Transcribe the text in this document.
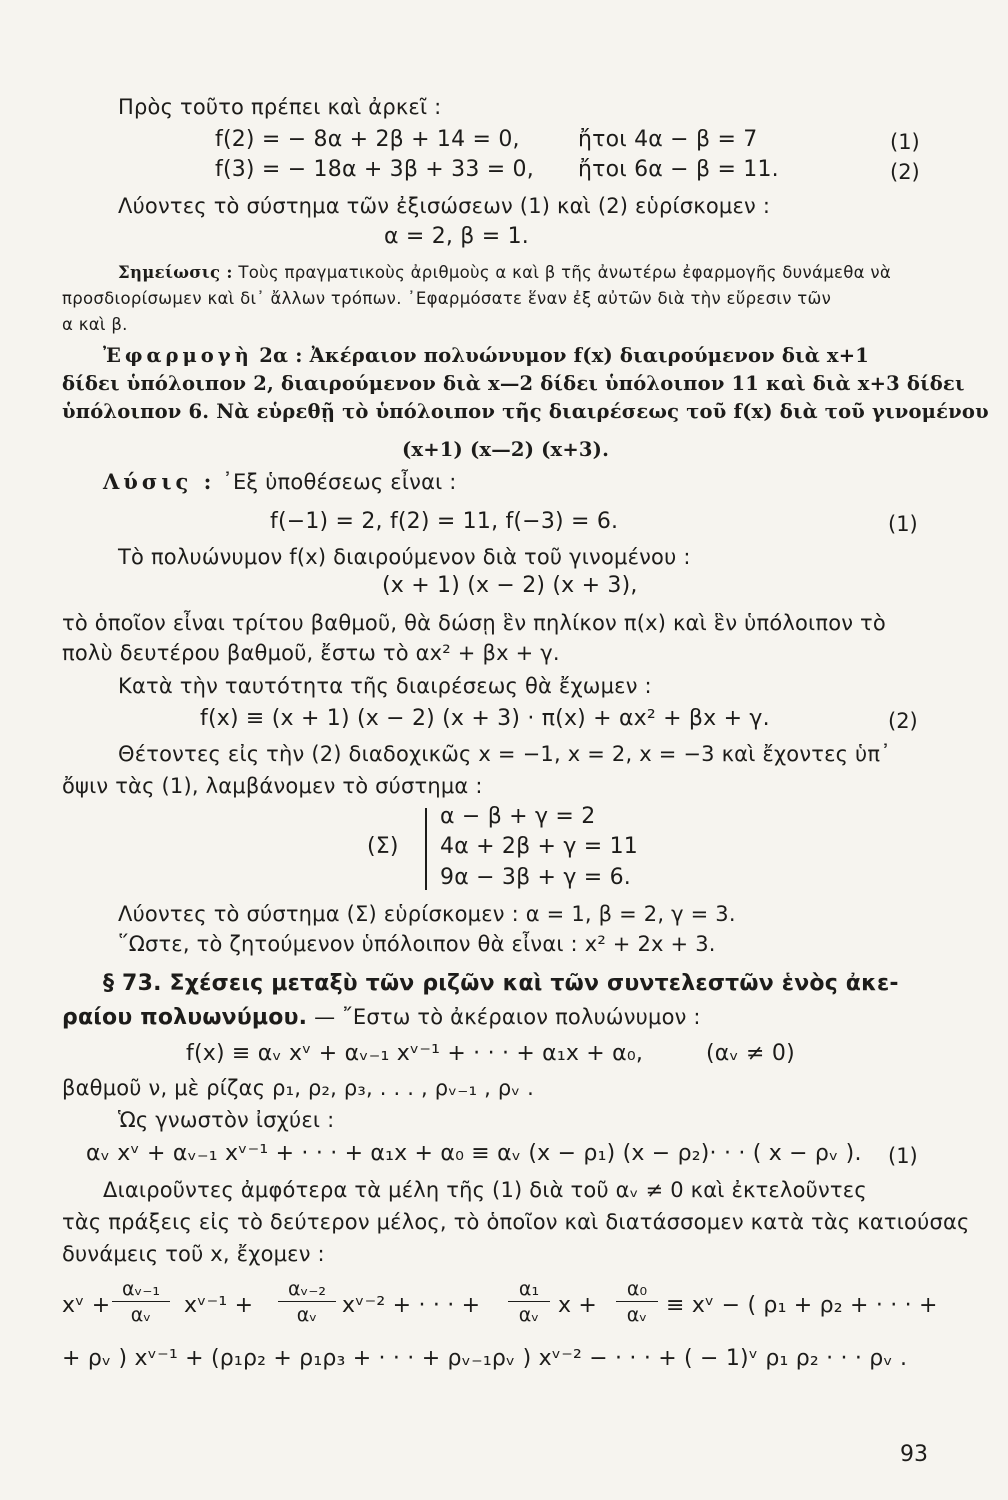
Πρὸς τοῦτο πρέπει καὶ ἀρκεῖ :
f(2) = − 8α + 2β + 14 = 0,	ἤτοι 4α − β = 7	(1)
f(3) = − 18α + 3β + 33 = 0, ἤτοι 6α − β = 11.	(2)
Λύοντες τὸ σύστημα τῶν ἐξισώσεων (1) καὶ (2) εὑρίσκομεν :
α = 2, β = 1.
Σημείωσις : Τοὺς πραγματικοὺς ἀριθμοὺς α καὶ β τῆς ἀνωτέρω ἐφαρμογῆς δυνάμεθα νὰ
προσδιορίσωμεν καὶ δι᾽ ἄλλων τρόπων. ᾽Εφαρμόσατε ἕναν ἐξ αὐτῶν διὰ τὴν εὕρεσιν τῶν
α καὶ β.
Ἐφαρμογὴ 2α : Ἀκέραιον πολυώνυμον f(x) διαιρούμενον διὰ x+1
δίδει ὑπόλοιπον 2, διαιρούμενον διὰ x—2 δίδει ὑπόλοιπον 11 καὶ διὰ x+3 δίδει
ὑπόλοιπον 6. Νὰ εὑρεθῇ τὸ ὑπόλοιπον τῆς διαιρέσεως τοῦ f(x) διὰ τοῦ γινομένου
(x+1) (x—2) (x+3).
Λύσις : ᾽Εξ ὑποθέσεως εἶναι :
f(−1) = 2, f(2) = 11, f(−3) = 6.	(1)
Τὸ πολυώνυμον f(x) διαιρούμενον διὰ τοῦ γινομένου :
(x + 1) (x − 2) (x + 3),
τὸ ὁποῖον εἶναι τρίτου βαθμοῦ, θὰ δώσῃ ἓν πηλίκον π(x) καὶ ἓν ὑπόλοιπον τὸ
πολὺ δευτέρου βαθμοῦ, ἔστω τὸ αx² + βx + γ.
Κατὰ τὴν ταυτότητα τῆς διαιρέσεως θὰ ἔχωμεν :
f(x) ≡ (x + 1) (x − 2) (x + 3) · π(x) + αx² + βx + γ.	(2)
Θέτοντες εἰς τὴν (2) διαδοχικῶς x = −1, x = 2, x = −3 καὶ ἔχοντες ὑπ᾽
ὄψιν τὰς (1), λαμβάνομεν τὸ σύστημα :
(Σ)
α − β + γ = 2
4α + 2β + γ = 11
9α − 3β + γ = 6.
Λύοντες τὸ σύστημα (Σ) εὑρίσκομεν : α = 1, β = 2, γ = 3.
῞Ωστε, τὸ ζητούμενον ὑπόλοιπον θὰ εἶναι : x² + 2x + 3.
§ 73. Σχέσεις μεταξὺ τῶν ριζῶν καὶ τῶν συντελεστῶν ἑνὸς ἀκε-
ραίου πολυωνύμου. — ῎Εστω τὸ ἀκέραιον πολυώνυμον :
f(x) ≡ αᵥ xᵛ + αᵥ₋₁ xᵛ⁻¹ + · · · + α₁x + α₀,	(αᵥ ≠ 0)
βαθμοῦ ν, μὲ ρίζας ρ₁, ρ₂, ρ₃, . . . , ρᵥ₋₁ , ρᵥ .
Ὡς γνωστὸν ἰσχύει :
αᵥ xᵛ + αᵥ₋₁ xᵛ⁻¹ + · · · + α₁x + α₀ ≡ αᵥ (x − ρ₁) (x − ρ₂)· · · ( x − ρᵥ ). (1)
Διαιροῦντες ἀμφότερα τὰ μέλη τῆς (1) διὰ τοῦ αᵥ ≠ 0 καὶ ἐκτελοῦντες
τὰς πράξεις εἰς τὸ δεύτερον μέλος, τὸ ὁποῖον καὶ διατάσσομεν κατὰ τὰς κατιούσας
δυνάμεις τοῦ x, ἔχομεν :
xᵛ + $\frac{\text{αᵥ₋₁}}{\text{αᵥ}}$ xᵛ⁻¹ + $\frac{\text{αᵥ₋₂}}{\text{αᵥ}}$ xᵛ⁻² + · · · + $\frac{\text{α₁}}{\text{αᵥ}}$ $x + \frac{\text{α₀}}{\text{αᵥ}}$ ≡ xᵛ − ( ρ₁ + ρ₂ + · · · +
+ ρᵥ ) xᵛ⁻¹ + (ρ₁ρ₂ + ρ₁ρ₃ + · · · + ρᵥ₋₁ρᵥ ) xᵛ⁻² − · · · + ( − 1)ᵛ ρ₁ ρ₂ · · · ρᵥ .
93
